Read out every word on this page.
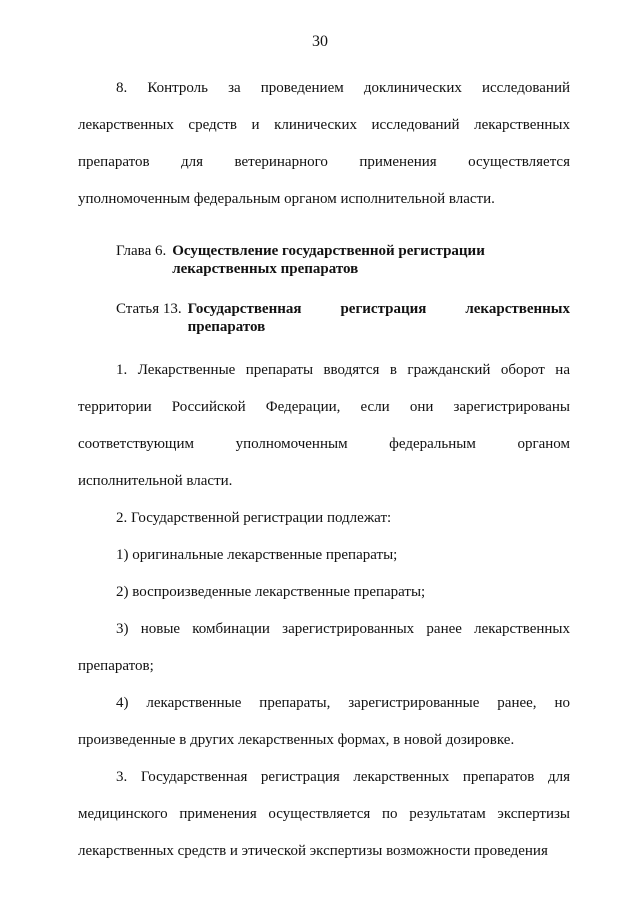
30
8. Контроль за проведением доклинических исследований
лекарственных средств и клинических исследований лекарственных
препаратов для ветеринарного применения осуществляется
уполномоченным федеральным органом исполнительной власти.
Глава 6. Осуществление государственной регистрации
лекарственных препаратов
Статья 13. Государственная	регистрация	лекарственных
препаратов
1. Лекарственные препараты вводятся в гражданский оборот на
территории Российской Федерации, если они зарегистрированы
соответствующим уполномоченным федеральным органом
исполнительной власти.
2. Государственной регистрации подлежат:
1) оригинальные лекарственные препараты;
2) воспроизведенные лекарственные препараты;
3) новые комбинации зарегистрированных ранее лекарственных
препаратов;
4) лекарственные препараты, зарегистрированные ранее, но
произведенные в других лекарственных формах, в новой дозировке.
3. Государственная регистрация лекарственных препаратов для
медицинского применения осуществляется по результатам экспертизы
лекарственных средств и этической экспертизы возможности проведения
